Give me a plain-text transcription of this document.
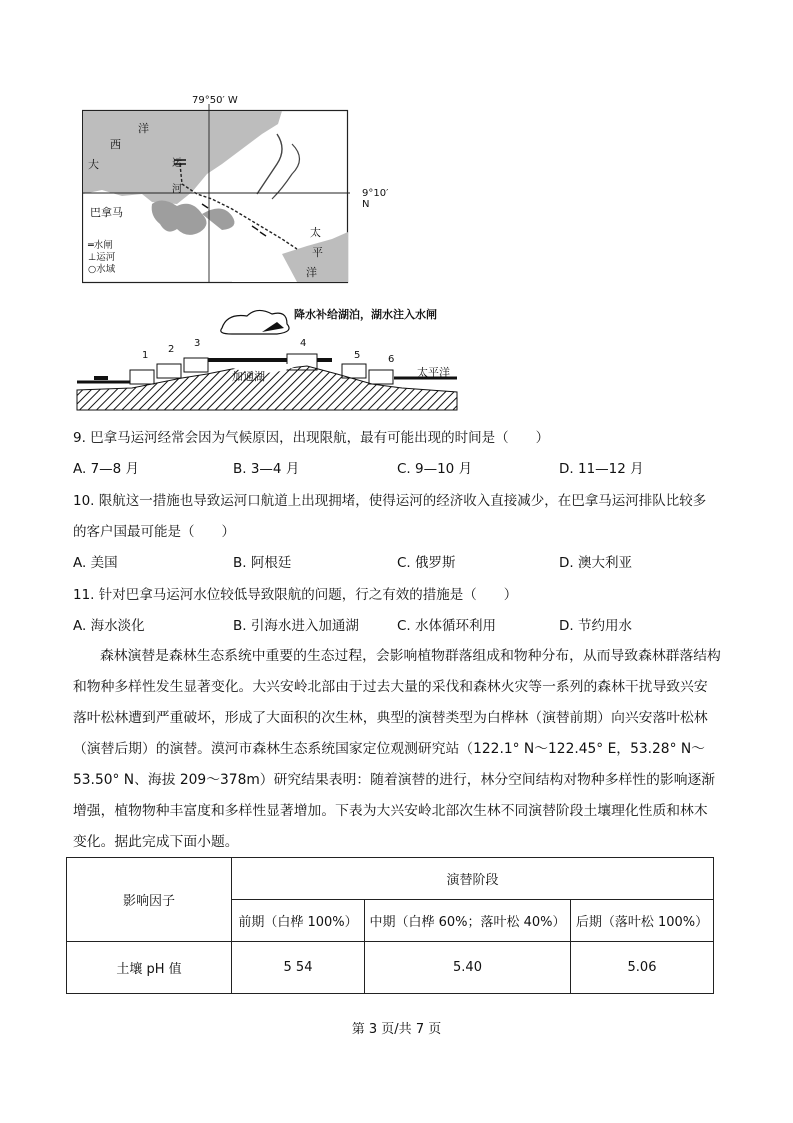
79°50′ W
9°10′ N
大
西
洋
巴拿马
运
河
太
平
洋
═水闸
⊥运河
○水域
降水补给湖泊，湖水注入水闸
加通湖	太平洋
1
2
3	4
5	6
9. 巴拿马运河经常会因为气候原因，出现限航，最有可能出现的时间是（　　）
A. 7—8 月	B. 3—4 月	C. 9—10 月	D. 11—12 月
10. 限航这一措施也导致运河口航道上出现拥堵，使得运河的经济收入直接减少，在巴拿马运河排队比较多
的客户国最可能是（　　）
A. 美国	B. 阿根廷	C. 俄罗斯	D. 澳大利亚
11. 针对巴拿马运河水位较低导致限航的问题，行之有效的措施是（　　）
A. 海水淡化	B. 引海水进入加通湖	C. 水体循环利用	D. 节约用水
森林演替是森林生态系统中重要的生态过程，会影响植物群落组成和物种分布，从而导致森林群落结构和物种多样性发生显著变化。大兴安岭北部由于过去大量的采伐和森林火灾等一系列的森林干扰导致兴安落叶松林遭到严重破坏，形成了大面积的次生林，典型的演替类型为白桦林（演替前期）向兴安落叶松林（演替后期）的演替。漠河市森林生态系统国家定位观测研究站（122.1° N～122.45° E，53.28° N～53.50° N、海拔 209～378m）研究结果表明：随着演替的进行，林分空间结构对物种多样性的影响逐渐增强，植物物种丰富度和多样性显著增加。下表为大兴安岭北部次生林不同演替阶段土壤理化性质和林木变化。据此完成下面小题。
影响因子	演替阶段		
	前期（白桦 100%）	中期（白桦 60%；落叶松 40%）	后期（落叶松 100%）
土壤 pH 值	5 54	5.40	5.06
第 3 页/共 7 页
